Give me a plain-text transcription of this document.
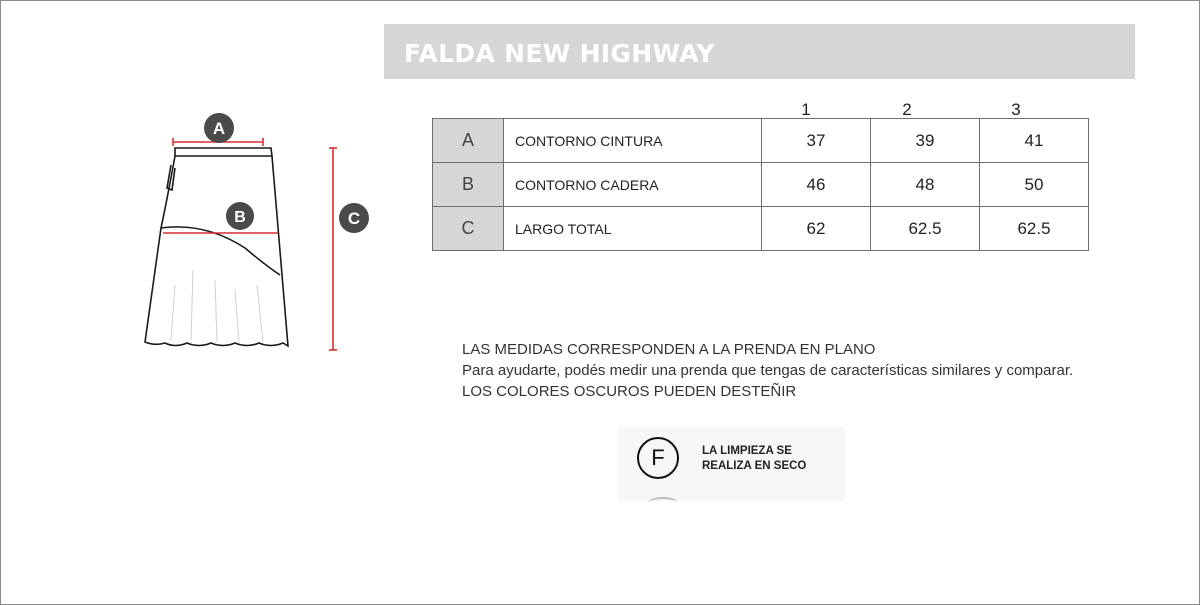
FALDA NEW HIGHWAY
A
B	C
1	2	3
A	CONTORNO CINTURA	37	39	41
B	CONTORNO CADERA	46	48	50
C	LARGO TOTAL	62	62.5	62.5
LAS MEDIDAS CORRESPONDEN A LA PRENDA EN PLANO
Para ayudarte, podés medir una prenda que tengas de características similares y comparar.
LOS COLORES OSCUROS PUEDEN DESTEÑIR
F	LA LIMPIEZA SE
REALIZA EN SECO
